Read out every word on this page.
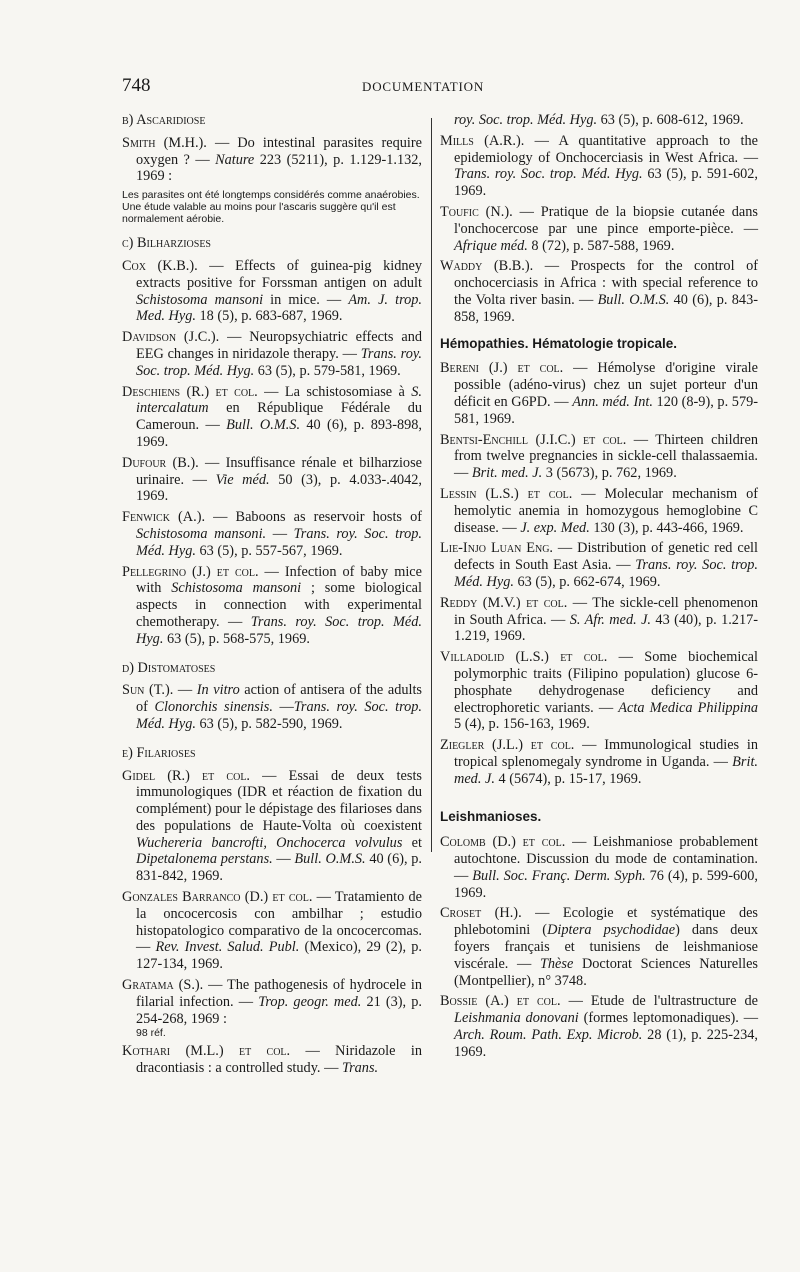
748	DOCUMENTATION
b) Ascaridiose

Smith (M.H.). — Do intestinal parasites require oxygen ? — Nature 223 (5211), p. 1.129-1.132, 1969 :

Les parasites ont été longtemps considérés comme anaérobies. Une étude valable au moins pour l'ascaris suggère qu'il est normalement aérobie.

c) Bilharzioses

Cox (K.B.). — Effects of guinea-pig kidney extracts positive for Forssman antigen on adult Schistosoma mansoni in mice. — Am. J. trop. Med. Hyg. 18 (5), p. 683-687, 1969.

Davidson (J.C.). — Neuropsychiatric effects and EEG changes in niridazole therapy. — Trans. roy. Soc. trop. Méd. Hyg. 63 (5), p. 579-581, 1969.

Deschiens (R.) et col. — La schistosomiase à S. intercalatum en République Fédérale du Cameroun. — Bull. O.M.S. 40 (6), p. 893-898, 1969.

Dufour (B.). — Insuffisance rénale et bilharziose urinaire. — Vie méd. 50 (3), p. 4.033-.4042, 1969.

Fenwick (A.). — Baboons as reservoir hosts of Schistosoma mansoni. — Trans. roy. Soc. trop. Méd. Hyg. 63 (5), p. 557-567, 1969.

Pellegrino (J.) et col. — Infection of baby mice with Schistosoma mansoni ; some biological aspects in connection with experimental chemotherapy. — Trans. roy. Soc. trop. Méd. Hyg. 63 (5), p. 568-575, 1969.

d) Distomatoses

Sun (T.). — In vitro action of antisera of the adults of Clonorchis sinensis. —Trans. roy. Soc. trop. Méd. Hyg. 63 (5), p. 582-590, 1969.

e) Filarioses

Gidel (R.) et col. — Essai de deux tests immunologiques (IDR et réaction de fixation du complément) pour le dépistage des filarioses dans des populations de Haute-Volta où coexistent Wuchereria bancrofti, Onchocerca volvulus et Dipetalonema perstans. — Bull. O.M.S. 40 (6), p. 831-842, 1969.

Gonzales Barranco (D.) et col. — Tratamiento de la oncocercosis con ambilhar ; estudio histopatologico comparativo de la oncocercomas. — Rev. Invest. Salud. Publ. (Mexico), 29 (2), p. 127-134, 1969.

Gratama (S.). — The pathogenesis of hydrocele in filarial infection. — Trop. geogr. med. 21 (3), p. 254-268, 1969 :

98 réf.

Kothari (M.L.) et col. — Niridazole in dracontiasis : a controlled study. — Trans.

roy. Soc. trop. Méd. Hyg. 63 (5), p. 608-612, 1969.

Mills (A.R.). — A quantitative approach to the epidemiology of Onchocerciasis in West Africa. — Trans. roy. Soc. trop. Méd. Hyg. 63 (5), p. 591-602, 1969.

Toufic (N.). — Pratique de la biopsie cutanée dans l'onchocercose par une pince emporte-pièce. — Afrique méd. 8 (72), p. 587-588, 1969.

Waddy (B.B.). — Prospects for the control of onchocerciasis in Africa : with special reference to the Volta river basin. — Bull. O.M.S. 40 (6), p. 843-858, 1969.

Hémopathies. Hématologie tropicale.

Bereni (J.) et col. — Hémolyse d'origine virale possible (adéno-virus) chez un sujet porteur d'un déficit en G6PD. — Ann. méd. Int. 120 (8-9), p. 579-581, 1969.

Bentsi-Enchill (J.I.C.) et col. — Thirteen children from twelve pregnancies in sickle-cell thalassaemia. — Brit. med. J. 3 (5673), p. 762, 1969.

Lessin (L.S.) et col. — Molecular mechanism of hemolytic anemia in homozygous hemoglobine C disease. — J. exp. Med. 130 (3), p. 443-466, 1969.

Lie-Injo Luan Eng. — Distribution of genetic red cell defects in South East Asia. — Trans. roy. Soc. trop. Méd. Hyg. 63 (5), p. 662-674, 1969.

Reddy (M.V.) et col. — The sickle-cell phenomenon in South Africa. — S. Afr. med. J. 43 (40), p. 1.217-1.219, 1969.

Villadolid (L.S.) et col. — Some biochemical polymorphic traits (Filipino population) glucose 6-phosphate dehydrogenase deficiency and electrophoretic variants. — Acta Medica Philippina 5 (4), p. 156-163, 1969.

Ziegler (J.L.) et col. — Immunological studies in tropical splenomegaly syndrome in Uganda. — Brit. med. J. 4 (5674), p. 15-17, 1969.

Leishmanioses.

Colomb (D.) et col. — Leishmaniose probablement autochtone. Discussion du mode de contamination. — Bull. Soc. Franç. Derm. Syph. 76 (4), p. 599-600, 1969.

Croset (H.). — Ecologie et systématique des phlebotomini (Diptera psychodidae) dans deux foyers français et tunisiens de leishmaniose viscérale. — Thèse Doctorat Sciences Naturelles (Montpellier), n° 3748.

Bossie (A.) et col. — Etude de l'ultrastructure de Leishmania donovani (formes leptomonadiques). — Arch. Roum. Path. Exp. Microb. 28 (1), p. 225-234, 1969.
